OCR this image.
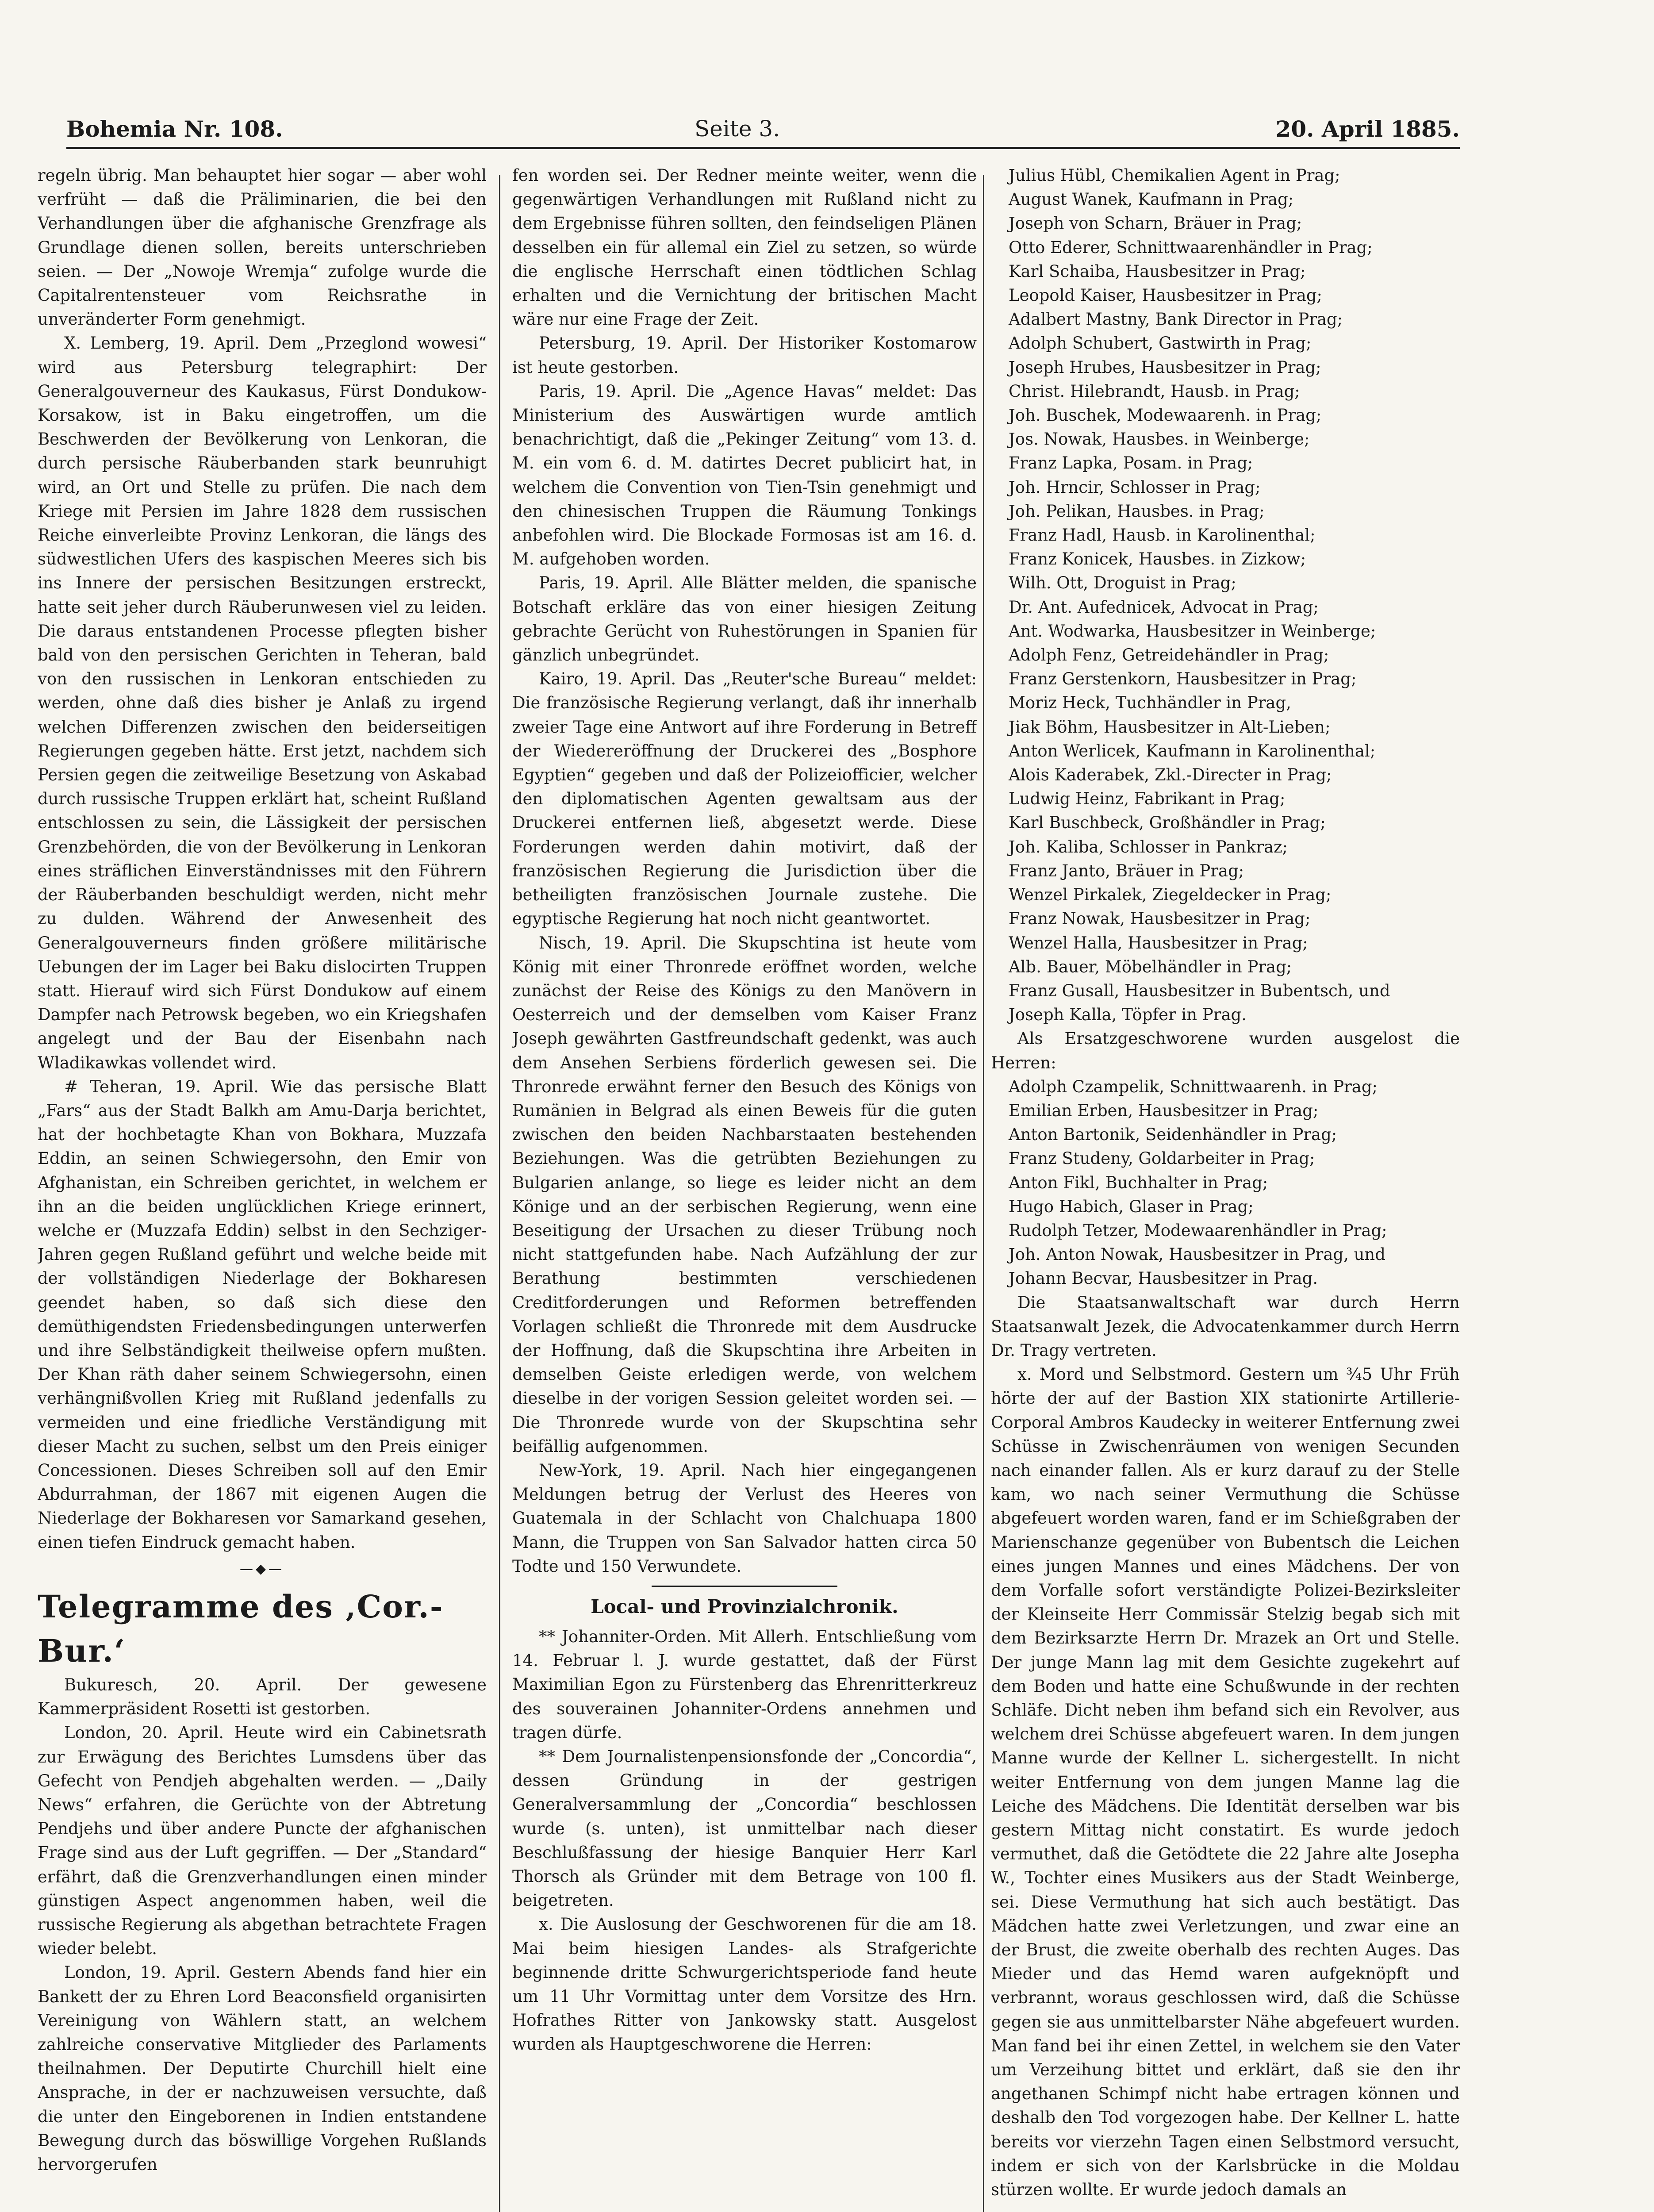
Bohemia Nr. 108.	Seite 3.	20. April 1885.

regeln übrig. Man behauptet hier sogar — aber wohl verfrüht — daß die Präliminarien, die bei den Verhandlungen über die afghanische Grenzfrage als Grundlage dienen sollen, bereits unterschrieben seien. — Der „Nowoje Wremja“ zufolge wurde die Capitalrentensteuer vom Reichsrathe in unveränderter Form genehmigt.

X. Lemberg, 19. April. Dem „Przeglond wowesi“ wird aus Petersburg telegraphirt: Der Generalgouverneur des Kaukasus, Fürst Dondukow-Korsakow, ist in Baku eingetroffen, um die Beschwerden der Bevölkerung von Lenkoran, die durch persische Räuberbanden stark beunruhigt wird, an Ort und Stelle zu prüfen. Die nach dem Kriege mit Persien im Jahre 1828 dem russischen Reiche einverleibte Provinz Lenkoran, die längs des südwestlichen Ufers des kaspischen Meeres sich bis ins Innere der persischen Besitzungen erstreckt, hatte seit jeher durch Räuberunwesen viel zu leiden. Die daraus entstandenen Processe pflegten bisher bald von den persischen Gerichten in Teheran, bald von den russischen in Lenkoran entschieden zu werden, ohne daß dies bisher je Anlaß zu irgend welchen Differenzen zwischen den beiderseitigen Regierungen gegeben hätte. Erst jetzt, nachdem sich Persien gegen die zeitweilige Besetzung von Askabad durch russische Truppen erklärt hat, scheint Rußland entschlossen zu sein, die Lässigkeit der persischen Grenzbehörden, die von der Bevölkerung in Lenkoran eines sträflichen Einverständnisses mit den Führern der Räuberbanden beschuldigt werden, nicht mehr zu dulden. Während der Anwesenheit des Generalgouverneurs finden größere militärische Uebungen der im Lager bei Baku dislocirten Truppen statt. Hierauf wird sich Fürst Dondukow auf einem Dampfer nach Petrowsk begeben, wo ein Kriegshafen angelegt und der Bau der Eisenbahn nach Wladikawkas vollendet wird.

# Teheran, 19. April. Wie das persische Blatt „Fars“ aus der Stadt Balkh am Amu-Darja berichtet, hat der hochbetagte Khan von Bokhara, Muzzafa Eddin, an seinen Schwiegersohn, den Emir von Afghanistan, ein Schreiben gerichtet, in welchem er ihn an die beiden unglücklichen Kriege erinnert, welche er (Muzzafa Eddin) selbst in den Sechziger-Jahren gegen Rußland geführt und welche beide mit der vollständigen Niederlage der Bokharesen geendet haben, so daß sich diese den demüthigendsten Friedensbedingungen unterwerfen und ihre Selbständigkeit theilweise opfern mußten. Der Khan räth daher seinem Schwiegersohn, einen verhängnißvollen Krieg mit Rußland jedenfalls zu vermeiden und eine friedliche Verständigung mit dieser Macht zu suchen, selbst um den Preis einiger Concessionen. Dieses Schreiben soll auf den Emir Abdurrahman, der 1867 mit eigenen Augen die Niederlage der Bokharesen vor Samarkand gesehen, einen tiefen Eindruck gemacht haben.

—◆—

Telegramme des ‚Cor.-Bur.‘

Bukuresch, 20. April. Der gewesene Kammerpräsident Rosetti ist gestorben.

London, 20. April. Heute wird ein Cabinetsrath zur Erwägung des Berichtes Lumsdens über das Gefecht von Pendjeh abgehalten werden. — „Daily News“ erfahren, die Gerüchte von der Abtretung Pendjehs und über andere Puncte der afghanischen Frage sind aus der Luft gegriffen. — Der „Standard“ erfährt, daß die Grenzverhandlungen einen minder günstigen Aspect angenommen haben, weil die russische Regierung als abgethan betrachtete Fragen wieder belebt.

London, 19. April. Gestern Abends fand hier ein Bankett der zu Ehren Lord Beaconsfield organisirten Vereinigung von Wählern statt, an welchem zahlreiche conservative Mitglieder des Parlaments theilnahmen. Der Deputirte Churchill hielt eine Ansprache, in der er nachzuweisen versuchte, daß die unter den Eingeborenen in Indien entstandene Bewegung durch das böswillige Vorgehen Rußlands hervorgerufen

fen worden sei. Der Redner meinte weiter, wenn die gegenwärtigen Verhandlungen mit Rußland nicht zu dem Ergebnisse führen sollten, den feindseligen Plänen desselben ein für allemal ein Ziel zu setzen, so würde die englische Herrschaft einen tödtlichen Schlag erhalten und die Vernichtung der britischen Macht wäre nur eine Frage der Zeit.

Petersburg, 19. April. Der Historiker Kostomarow ist heute gestorben.

Paris, 19. April. Die „Agence Havas“ meldet: Das Ministerium des Auswärtigen wurde amtlich benachrichtigt, daß die „Pekinger Zeitung“ vom 13. d. M. ein vom 6. d. M. datirtes Decret publicirt hat, in welchem die Convention von Tien-Tsin genehmigt und den chinesischen Truppen die Räumung Tonkings anbefohlen wird. Die Blockade Formosas ist am 16. d. M. aufgehoben worden.

Paris, 19. April. Alle Blätter melden, die spanische Botschaft erkläre das von einer hiesigen Zeitung gebrachte Gerücht von Ruhestörungen in Spanien für gänzlich unbegründet.

Kairo, 19. April. Das „Reuter'sche Bureau“ meldet: Die französische Regierung verlangt, daß ihr innerhalb zweier Tage eine Antwort auf ihre Forderung in Betreff der Wiedereröffnung der Druckerei des „Bosphore Egyptien“ gegeben und daß der Polizeiofficier, welcher den diplomatischen Agenten gewaltsam aus der Druckerei entfernen ließ, abgesetzt werde. Diese Forderungen werden dahin motivirt, daß der französischen Regierung die Jurisdiction über die betheiligten französischen Journale zustehe. Die egyptische Regierung hat noch nicht geantwortet.

Nisch, 19. April. Die Skupschtina ist heute vom König mit einer Thronrede eröffnet worden, welche zunächst der Reise des Königs zu den Manövern in Oesterreich und der demselben vom Kaiser Franz Joseph gewährten Gastfreundschaft gedenkt, was auch dem Ansehen Serbiens förderlich gewesen sei. Die Thronrede erwähnt ferner den Besuch des Königs von Rumänien in Belgrad als einen Beweis für die guten zwischen den beiden Nachbarstaaten bestehenden Beziehungen. Was die getrübten Beziehungen zu Bulgarien anlange, so liege es leider nicht an dem Könige und an der serbischen Regierung, wenn eine Beseitigung der Ursachen zu dieser Trübung noch nicht stattgefunden habe. Nach Aufzählung der zur Berathung bestimmten verschiedenen Creditforderungen und Reformen betreffenden Vorlagen schließt die Thronrede mit dem Ausdrucke der Hoffnung, daß die Skupschtina ihre Arbeiten in demselben Geiste erledigen werde, von welchem dieselbe in der vorigen Session geleitet worden sei. — Die Thronrede wurde von der Skupschtina sehr beifällig aufgenommen.

New-York, 19. April. Nach hier eingegangenen Meldungen betrug der Verlust des Heeres von Guatemala in der Schlacht von Chalchuapa 1800 Mann, die Truppen von San Salvador hatten circa 50 Todte und 150 Verwundete.

Local- und Provinzialchronik.

** Johanniter-Orden. Mit Allerh. Entschließung vom 14. Februar l. J. wurde gestattet, daß der Fürst Maximilian Egon zu Fürstenberg das Ehrenritterkreuz des souverainen Johanniter-Ordens annehmen und tragen dürfe.

** Dem Journalistenpensionsfonde der „Concordia“, dessen Gründung in der gestrigen Generalversammlung der „Concordia“ beschlossen wurde (s. unten), ist unmittelbar nach dieser Beschlußfassung der hiesige Banquier Herr Karl Thorsch als Gründer mit dem Betrage von 100 fl. beigetreten.

x. Die Auslosung der Geschworenen für die am 18. Mai beim hiesigen Landes- als Strafgerichte beginnende dritte Schwurgerichtsperiode fand heute um 11 Uhr Vormittag unter dem Vorsitze des Hrn. Hofrathes Ritter von Jankowsky statt. Ausgelost wurden als Hauptgeschworene die Herren:

Julius Hübl, Chemikalien Agent in Prag;

August Wanek, Kaufmann in Prag;

Joseph von Scharn, Bräuer in Prag;

Otto Ederer, Schnittwaarenhändler in Prag;

Karl Schaiba, Hausbesitzer in Prag;

Leopold Kaiser, Hausbesitzer in Prag;

Adalbert Mastny, Bank Director in Prag;

Adolph Schubert, Gastwirth in Prag;

Joseph Hrubes, Hausbesitzer in Prag;

Christ. Hilebrandt, Hausb. in Prag;

Joh. Buschek, Modewaarenh. in Prag;

Jos. Nowak, Hausbes. in Weinberge;

Franz Lapka, Posam. in Prag;

Joh. Hrncir, Schlosser in Prag;

Joh. Pelikan, Hausbes. in Prag;

Franz Hadl, Hausb. in Karolinenthal;

Franz Konicek, Hausbes. in Zizkow;

Wilh. Ott, Droguist in Prag;

Dr. Ant. Aufednicek, Advocat in Prag;

Ant. Wodwarka, Hausbesitzer in Weinberge;

Adolph Fenz, Getreidehändler in Prag;

Franz Gerstenkorn, Hausbesitzer in Prag;

Moriz Heck, Tuchhändler in Prag,

Jiak Böhm, Hausbesitzer in Alt-Lieben;

Anton Werlicek, Kaufmann in Karolinenthal;

Alois Kaderabek, Zkl.-Directer in Prag;

Ludwig Heinz, Fabrikant in Prag;

Karl Buschbeck, Großhändler in Prag;

Joh. Kaliba, Schlosser in Pankraz;

Franz Janto, Bräuer in Prag;

Wenzel Pirkalek, Ziegeldecker in Prag;

Franz Nowak, Hausbesitzer in Prag;

Wenzel Halla, Hausbesitzer in Prag;

Alb. Bauer, Möbelhändler in Prag;

Franz Gusall, Hausbesitzer in Bubentsch, und

Joseph Kalla, Töpfer in Prag.

Als Ersatzgeschworene wurden ausgelost die Herren:

Adolph Czampelik, Schnittwaarenh. in Prag;

Emilian Erben, Hausbesitzer in Prag;

Anton Bartonik, Seidenhändler in Prag;

Franz Studeny, Goldarbeiter in Prag;

Anton Fikl, Buchhalter in Prag;

Hugo Habich, Glaser in Prag;

Rudolph Tetzer, Modewaarenhändler in Prag;

Joh. Anton Nowak, Hausbesitzer in Prag, und

Johann Becvar, Hausbesitzer in Prag.

Die Staatsanwaltschaft war durch Herrn Staatsanwalt Jezek, die Advocatenkammer durch Herrn Dr. Tragy vertreten.

x. Mord und Selbstmord. Gestern um ¾5 Uhr Früh hörte der auf der Bastion XIX stationirte Artillerie-Corporal Ambros Kaudecky in weiterer Entfernung zwei Schüsse in Zwischenräumen von wenigen Secunden nach einander fallen. Als er kurz darauf zu der Stelle kam, wo nach seiner Vermuthung die Schüsse abgefeuert worden waren, fand er im Schießgraben der Marienschanze gegenüber von Bubentsch die Leichen eines jungen Mannes und eines Mädchens. Der von dem Vorfalle sofort verständigte Polizei-Bezirksleiter der Kleinseite Herr Commissär Stelzig begab sich mit dem Bezirksarzte Herrn Dr. Mrazek an Ort und Stelle. Der junge Mann lag mit dem Gesichte zugekehrt auf dem Boden und hatte eine Schußwunde in der rechten Schläfe. Dicht neben ihm befand sich ein Revolver, aus welchem drei Schüsse abgefeuert waren. In dem jungen Manne wurde der Kellner L. sichergestellt. In nicht weiter Entfernung von dem jungen Manne lag die Leiche des Mädchens. Die Identität derselben war bis gestern Mittag nicht constatirt. Es wurde jedoch vermuthet, daß die Getödtete die 22 Jahre alte Josepha W., Tochter eines Musikers aus der Stadt Weinberge, sei. Diese Vermuthung hat sich auch bestätigt. Das Mädchen hatte zwei Verletzungen, und zwar eine an der Brust, die zweite oberhalb des rechten Auges. Das Mieder und das Hemd waren aufgeknöpft und verbrannt, woraus geschlossen wird, daß die Schüsse gegen sie aus unmittelbarster Nähe abgefeuert wurden. Man fand bei ihr einen Zettel, in welchem sie den Vater um Verzeihung bittet und erklärt, daß sie den ihr angethanen Schimpf nicht habe ertragen können und deshalb den Tod vorgezogen habe. Der Kellner L. hatte bereits vor vierzehn Tagen einen Selbstmord versucht, indem er sich von der Karlsbrücke in die Moldau stürzen wollte. Er wurde jedoch damals an
